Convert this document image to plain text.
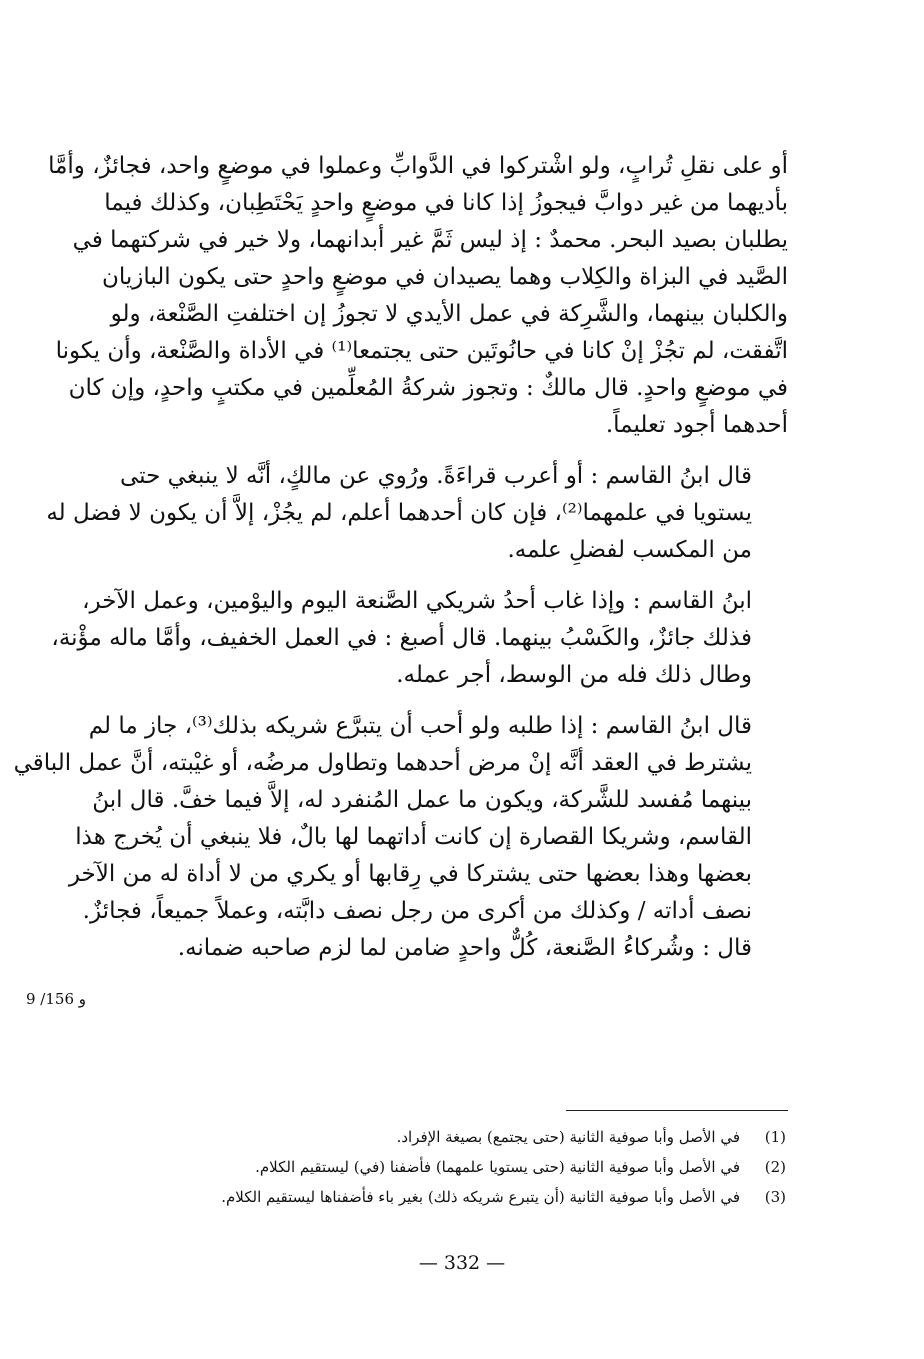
أو على نقلِ تُرابٍ، ولو اشْتركوا في الدَّوابِّ وعملوا في موضعٍ واحد، فجائزٌ، وأمَّا
بأديهما من غير دوابَّ فيجوزُ إذا كانا في موضعٍ واحدٍ يَحْتَطِبان، وكذلك فيما
يطلبان بصيد البحر. محمدٌ : إذ ليس ثَمَّ غير أبدانهما، ولا خير في شركتهما في
الصَّيد في البزاة والكِلاب وهما يصيدان في موضعٍ واحدٍ حتى يكون البازيان
والكلبان بينهما، والشَّرِكة في عمل الأيدي لا تجوزُ إن اختلفتِ الصَّنْعة، ولو
اتَّفقت، لم تجُزْ إنْ كانا في حانُوتَين حتى يجتمعا⁽¹⁾ في الأداة والصَّنْعة، وأن يكونا
في موضعٍ واحدٍ. قال مالكٌ : وتجوز شركةُ المُعلِّمين في مكتبٍ واحدٍ، وإن كان
أحدهما أجود تعليماً.

قال ابنُ القاسم : أو أعرب قراءَةً. ورُوي عن مالكٍ، أنَّه لا ينبغي حتى
يستويا في علمهما⁽²⁾، فإن كان أحدهما أعلم، لم يجُزْ، إلاَّ أن يكون لا فضل له
من المكسب لفضلِ علمه.

ابنُ القاسم : وإذا غاب أحدُ شريكي الصَّنعة اليوم واليوْمين، وعمل الآخر،
فذلك جائزٌ، والكَسْبُ بينهما. قال أصبغ : في العمل الخفيف، وأمَّا ماله مؤْنة،
وطال ذلك فله من الوسط، أجر عمله.

قال ابنُ القاسم : إذا طلبه ولو أحب أن يتبرَّع شريكه بذلك⁽³⁾، جاز ما لم
يشترط في العقد أنَّه إنْ مرض أحدهما وتطاول مرضُه، أو غيْبته، أنَّ عمل الباقي
بينهما مُفسد للشَّركة، ويكون ما عمل المُنفرد له، إلاَّ فيما خفَّ. قال ابنُ
القاسم، وشريكا القصارة إن كانت أداتهما لها بالٌ، فلا ينبغي أن يُخرج هذا
بعضها وهذا بعضها حتى يشتركا في رِقابها أو يكري من لا أداة له من الآخر
نصف أداته / وكذلك من أكرى من رجل نصف دابَّته، وعملاً جميعاً، فجائزٌ.
قال : وشُركاءُ الصَّنعة، كُلٌّ واحدٍ ضامن لما لزم صاحبه ضمانه.

9 /156 و
(1)
في الأصل وأبا صوفية الثانية (حتى يجتمع) بصيغة الإفراد.
(2)
في الأصل وأبا صوفية الثانية (حتى يستويا علمهما) فأضفنا (في) ليستقيم الكلام.
(3)
في الأصل وأبا صوفية الثانية (أن يتبرع شريكه ذلك) بغير باء فأضفناها ليستقيم الكلام.
— 332 —
